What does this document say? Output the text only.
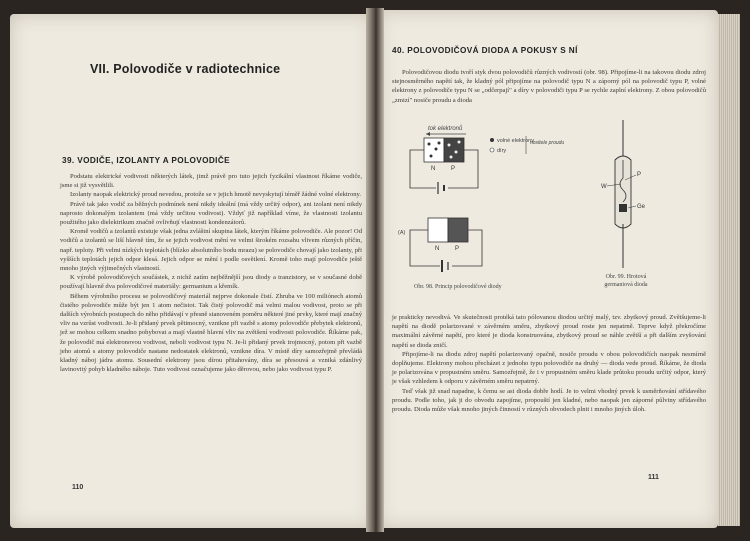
VII. Polovodiče v radiotechnice
39. VODIČE, IZOLANTY A POLOVODIČE

Podstatu elektrické vodivosti některých látek, jimž právě pro tuto jejich fyzikální vlastnost říkáme vodiče, jsme si již vysvětlili.

Izolanty naopak elektrický proud nevedou, protože se v jejich hmotě nevyskytují téměř žádné volné elektrony.

Právě tak jako vodič za běžných podmínek není nikdy ideální (má vždy určitý odpor), ani izolant není nikdy naprosto dokonalým izolantem (má vždy určitou vodivost). Vždyť již například víme, že vlastnosti izolantu použitého jako dielektrikum značně ovlivňují vlastnosti kondenzátorů.

Kromě vodičů a izolantů existuje však jedna zvláštní skupina látek, kterým říkáme polovodiče. Ale pozor! Od vodičů a izolantů se liší hlavně tím, že se jejich vodivost mění ve velmi širokém rozsahu vlivem různých příčin, např. teploty. Při velmi nízkých teplotách (blízko absolutního bodu mrazu) se polovodiče chovají jako izolanty, při vyšších teplotách jejich odpor klesá. Jejich odpor se mění i podle osvětlení. Kromě toho mají polovodiče ještě mnoho jiných výjimečných vlastností.

K výrobě polovodičových součástek, z nichž zatím nejběžnější jsou diody a tranzistory, se v současné době používají hlavně dva polovodičové materiály: germanium a křemík.

Během výrobního procesu se polovodičový materiál nejprve dokonale čistí. Zhruba ve 100 miliónech atomů čistého polovodiče může být jen 1 atom nečistot. Tak čistý polovodič má velmi malou vodivost, proto se při dalších výrobních postupech do něho přidávají v přesně stanoveném poměru některé jiné prvky, které mají značný vliv na vzrůst vodivosti. Je-li přidaný prvek pětimocný, vznikne při vazbě s atomy polovodiče přebytek elektronů, jež se mohou celkem snadno pohybovat a mají vlastně hlavní vliv na zvětšení vodivosti polovodiče. Říkáme pak, že polovodič má elektronovou vodivost, neboli vodivost typu N. Je-li přidaný prvek trojmocný, potom při vazbě jeho atomů s atomy polovodiče nastane nedostatek elektronů, vznikne díra. V místě díry samozřejmě převládá kladný náboj jádra atomu. Sousední elektrony jsou dírou přitahovány, díra se přesouvá a vzniká zdánlivý lavinovitý pohyb kladného náboje. Tuto vodivost označujeme jako děrovou, nebo jako vodivost typu P.

110
40. POLOVODIČOVÁ DIODA A POKUSY S NÍ

Polovodičovou diodu tvoří styk dvou polovodičů různých vodivostí (obr. 98). Připojíme-li na takovou diodu zdroj stejnosměrného napětí tak, že kladný pól připojíme na polovodič typu N a záporný pól na polovodič typu P, volné elektrony z polovodiče typu N se „odčerpají" a díry v polovodiči typu P se rychle zaplní elektrony. Z obou polovodičů „zmizí" nosiče proudu a dioda

tok elektronů
N	P
volné elektrony
díry
nositele proudu
N	P
(A)
Obr. 98. Princip polovodičové diody
W
P
Ge
Obr. 99. Hrotová germaniová dioda

je prakticky nevodivá. Ve skutečnosti protéká tato pólovanou diodou určitý malý, tzv. zbytkový proud. Zvětšujeme-li napětí na diodě polarizované v závěrném směru, zbytkový proud roste jen nepatrně. Teprve když překročíme maximální závěrné napětí, pro které je dioda konstruována, zbytkový proud se náhle zvětší a při dalším zvyšování napětí se dioda zničí.

Připojíme-li na diodu zdroj napětí polarizovaný opačně, nosiče proudu v obou polovodičích naopak nesmírně doplňujeme. Elektrony mohou přecházet z jednoho typu polovodiče na druhý — dioda vede proud. Říkáme, že dioda je polarizována v propustném směru. Samozřejmě, že i v propustném směru klade průtoku proudu určitý odpor, který je však vzhledem k odporu v závěrném směru nepatrný.

Teď však již snad napadne, k čemu se asi dioda dobře hodí. Je to velmi vhodný prvek k usměrňování střídavého proudu. Podle toho, jak ji do obvodu zapojíme, propouští jen kladné, nebo naopak jen záporné půlviny střídavého proudu. Dioda může však mnoho jiných činností v různých obvodech plnit i mnoho jiných úloh.

111
